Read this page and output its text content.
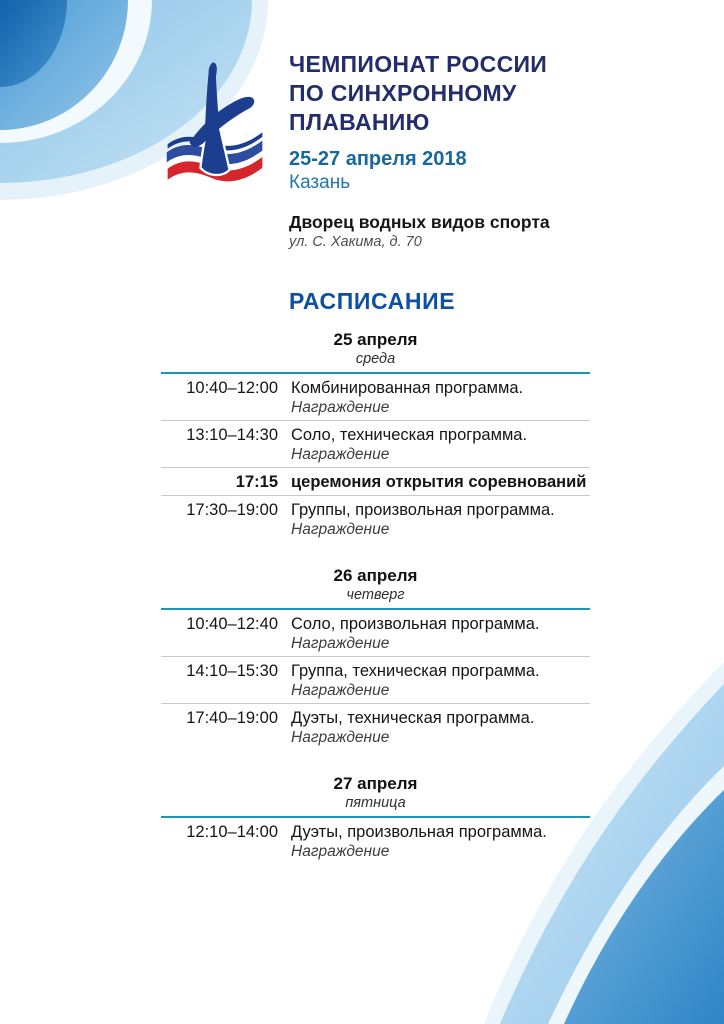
ЧЕМПИОНАТ РОССИИ
ПО СИНХРОННОМУ
ПЛАВАНИЮ
25-27 апреля 2018
Казань
Дворец водных видов спорта
ул. С. Хакима, д. 70
РАСПИСАНИЕ
25 апреля
среда
10:40–12:00 Комбинированная программа.
Награждение
13:10–14:30 Соло, техническая программа.
Награждение
17:15 церемония открытия соревнований
17:30–19:00 Группы, произвольная программа.
Награждение
26 апреля
четверг
10:40–12:40 Соло, произвольная программа.
Награждение
14:10–15:30 Группа, техническая программа.
Награждение
17:40–19:00 Дуэты, техническая программа.
Награждение
27 апреля
пятница
12:10–14:00 Дуэты, произвольная программа.
Награждение
